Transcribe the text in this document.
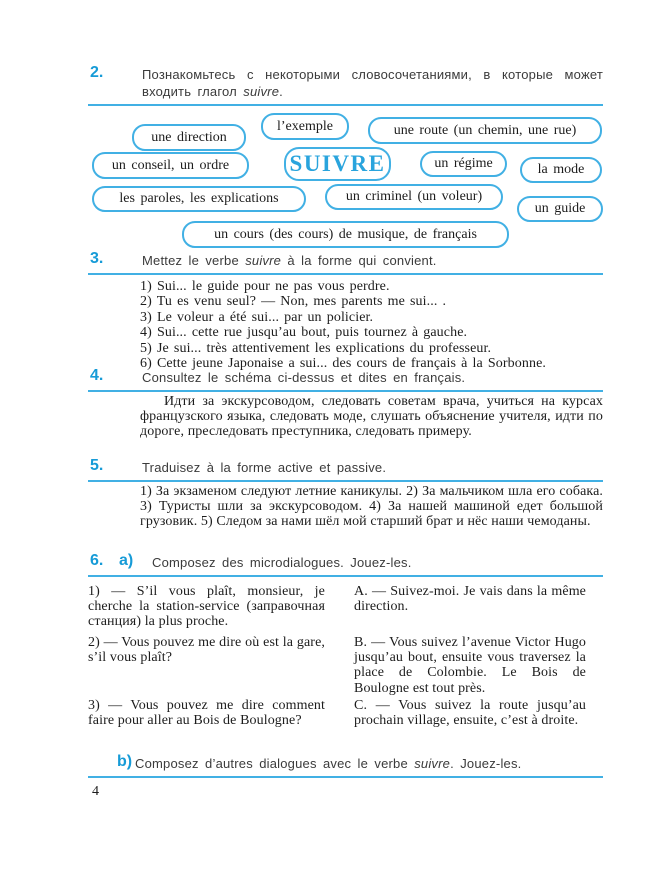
2.	Познакомьтесь с некоторыми словосочетаниями, в которые может входить глагол suivre.
une direction
l’exemple	une route (un chemin, une rue)
un conseil, un ordre	SUIVRE	un régime	la mode
les paroles, les explications	un criminel (un voleur)
un guide
un cours (des cours) de musique, de français
3.	Mettez le verbe suivre à la forme qui convient.
1) Sui... le guide pour ne pas vous perdre.
2) Tu es venu seul? — Non, mes parents me sui... .
3) Le voleur a été sui... par un policier.
4) Sui... cette rue jusqu’au bout, puis tournez à gauche.
5) Je sui... très attentivement les explications du professeur.
6) Cette jeune Japonaise a sui... des cours de français à la Sorbonne.
4.	Consultez le schéma ci-dessus et dites en français.
Идти за экскурсоводом, следовать советам врача, учиться на курсах французского языка, следовать моде, слушать объяснение учителя, идти по дороге, преследовать преступника, следовать примеру.
5.	Traduisez à la forme active et passive.
1) За экзаменом следуют летние каникулы. 2) За мальчиком шла его собака. 3) Туристы шли за экскурсоводом. 4) За нашей машиной едет большой грузовик. 5) Следом за нами шёл мой старший брат и нёс наши чемоданы.
6. a) Composez des microdialogues. Jouez-les.
1) — S’il vous plaît, monsieur, je cherche la station-service (заправочная станция) la plus proche.
A. — Suivez-moi. Je vais dans la même direction.
2) — Vous pouvez me dire où est la gare, s’il vous plaît?
B. — Vous suivez l’avenue Victor Hugo jusqu’au bout, ensuite vous traversez la place de Colombie. Le Bois de Boulogne est tout près.
3) — Vous pouvez me dire comment faire pour aller au Bois de Boulogne?
C. — Vous suivez la route jusqu’au prochain village, ensuite, c’est à droite.
b) Composez d’autres dialogues avec le verbe suivre. Jouez-les.
4
